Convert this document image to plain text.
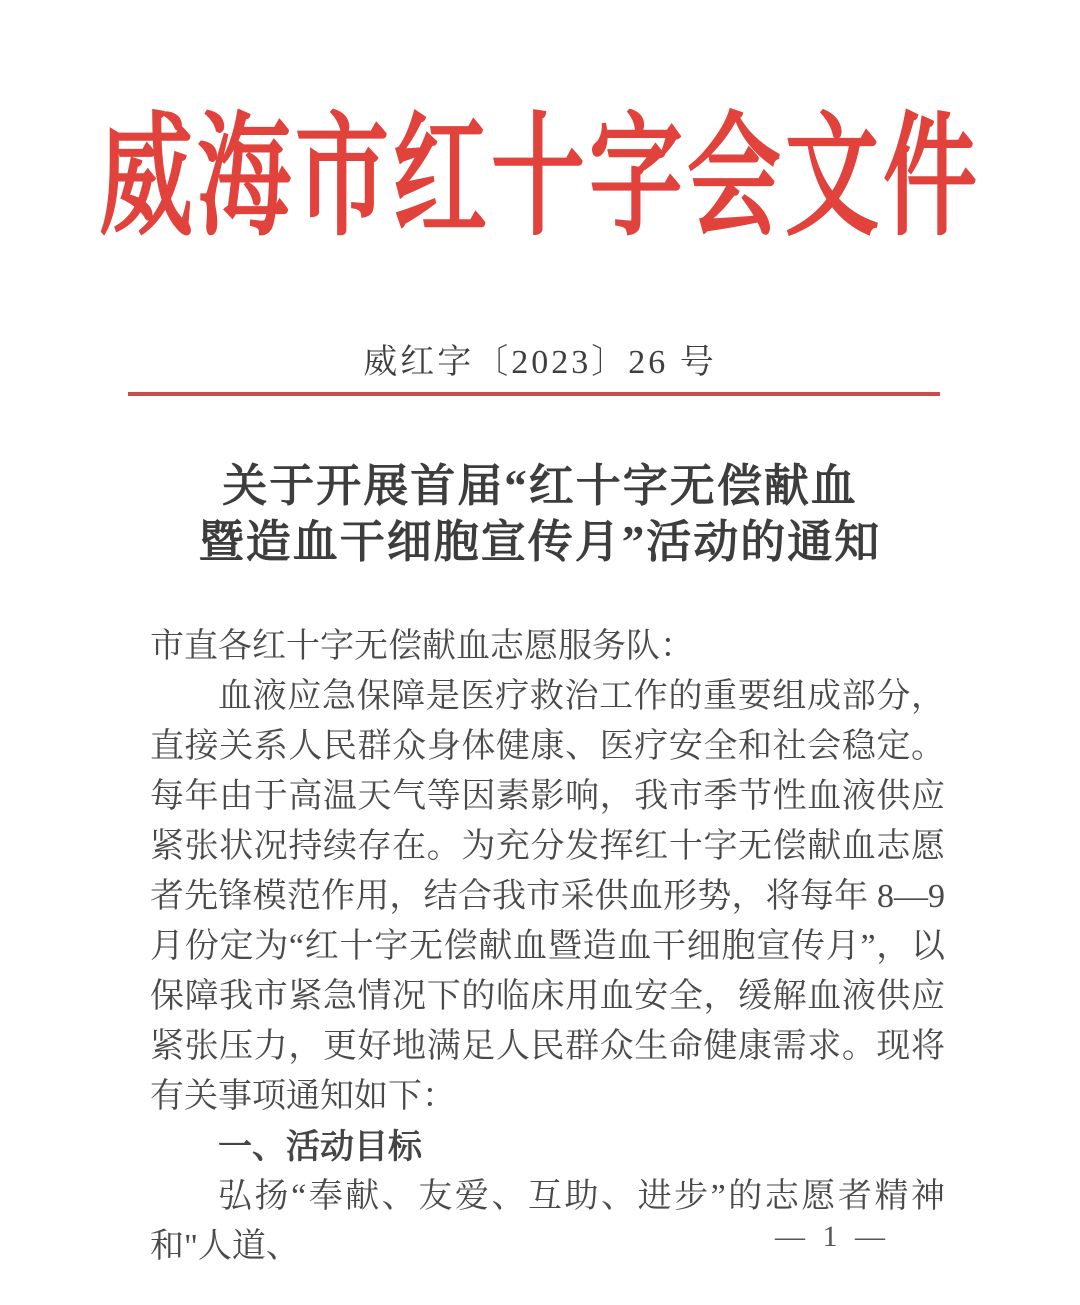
威海市红十字会文件
威红字〔2023〕26 号
关于开展首届“红十字无偿献血
暨造血干细胞宣传月”活动的通知

市直各红十字无偿献血志愿服务队：

血液应急保障是医疗救治工作的重要组成部分，直接关系人民群众身体健康、医疗安全和社会稳定。每年由于高温天气等因素影响，我市季节性血液供应紧张状况持续存在。为充分发挥红十字无偿献血志愿者先锋模范作用，结合我市采供血形势，将每年 8—9 月份定为“红十字无偿献血暨造血干细胞宣传月”，以保障我市紧急情况下的临床用血安全，缓解血液供应紧张压力，更好地满足人民群众生命健康需求。现将有关事项通知如下：

一、活动目标

弘扬“奉献、友爱、互助、进步”的志愿者精神和"人道、	— 1 —
